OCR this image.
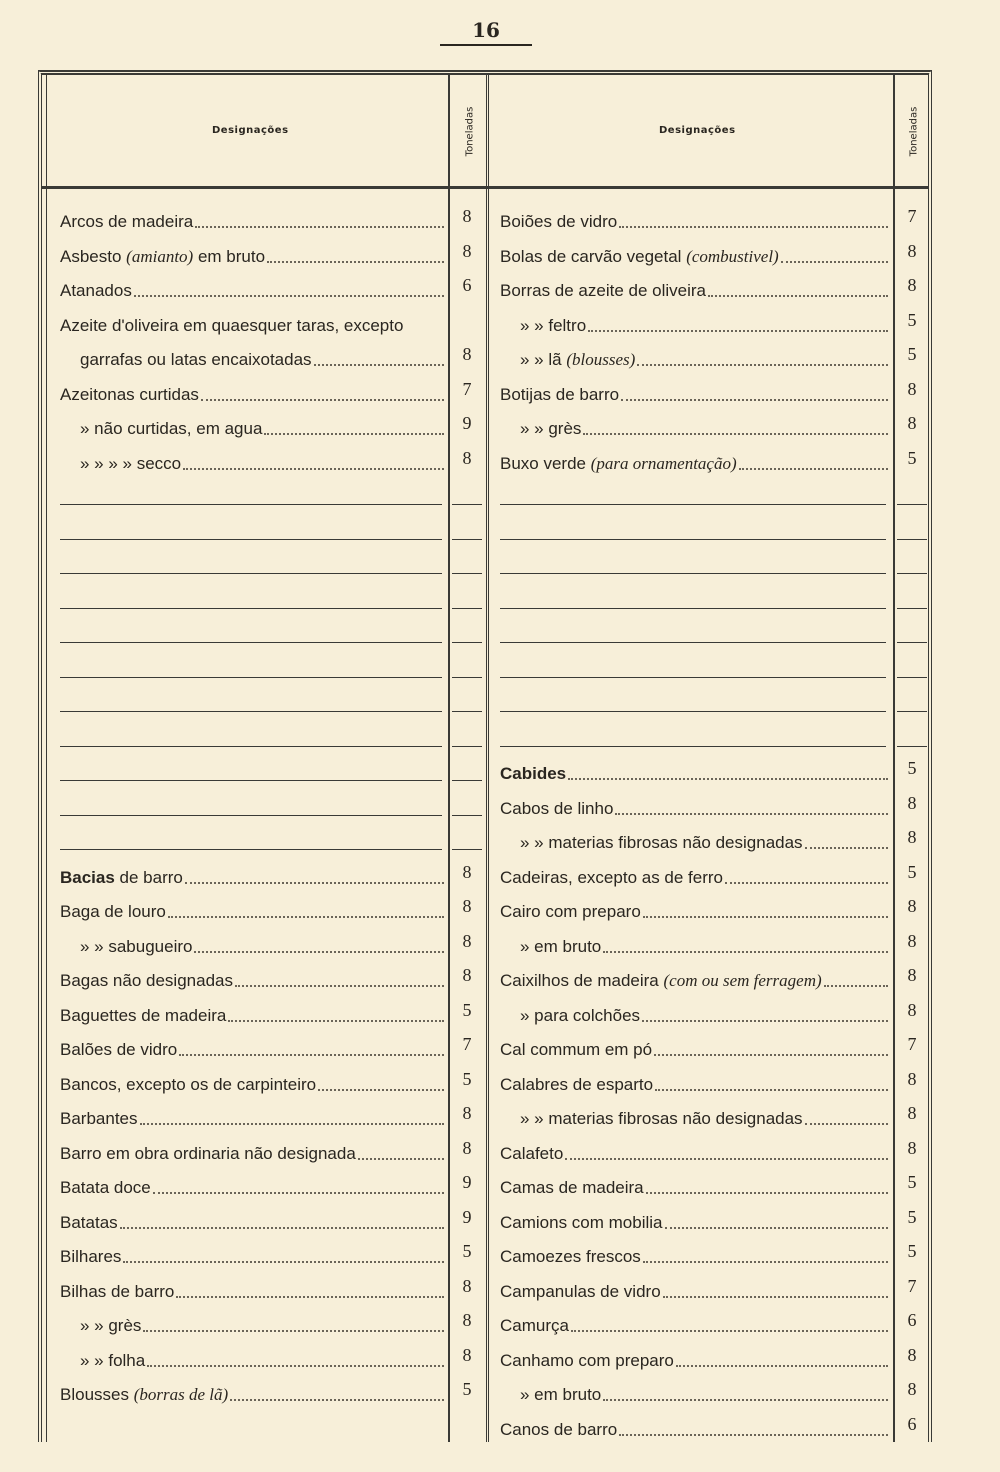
16
Designações	Toneladas	Designações	Toneladas
Arcos de madeira	8
Asbesto (amianto) em bruto	8
Atanados	6
Azeite d'oliveira em quaesquer taras, excepto
garrafas ou latas encaixotadas	8
Azeitonas curtidas	7
» não curtidas, em agua	9
» » » » secco	8
Bacias de barro	8
Baga de louro	8
» » sabugueiro	8
Bagas não designadas	8
Baguettes de madeira	5
Balões de vidro	7
Bancos, excepto os de carpinteiro	5
Barbantes	8
Barro em obra ordinaria não designada	8
Batata doce	9
Batatas	9
Bilhares	5
Bilhas de barro	8
» » grès	8
» » folha	8
Blousses (borras de lã)	5
Boiões de vidro	7
Bolas de carvão vegetal (combustivel)	8
Borras de azeite de oliveira	8
» » feltro	5
» » lã (blousses)	5
Botijas de barro	8
» » grès	8
Buxo verde (para ornamentação)	5
Cabides	5
Cabos de linho	8
» » materias fibrosas não designadas	8
Cadeiras, excepto as de ferro	5
Cairo com preparo	8
» em bruto	8
Caixilhos de madeira (com ou sem ferragem)	8
» para colchões	8
Cal commum em pó	7
Calabres de esparto	8
» » materias fibrosas não designadas	8
Calafeto	8
Camas de madeira	5
Camions com mobilia	5
Camoezes frescos	5
Campanulas de vidro	7
Camurça	6
Canhamo com preparo	8
» em bruto	8
Canos de barro	6
